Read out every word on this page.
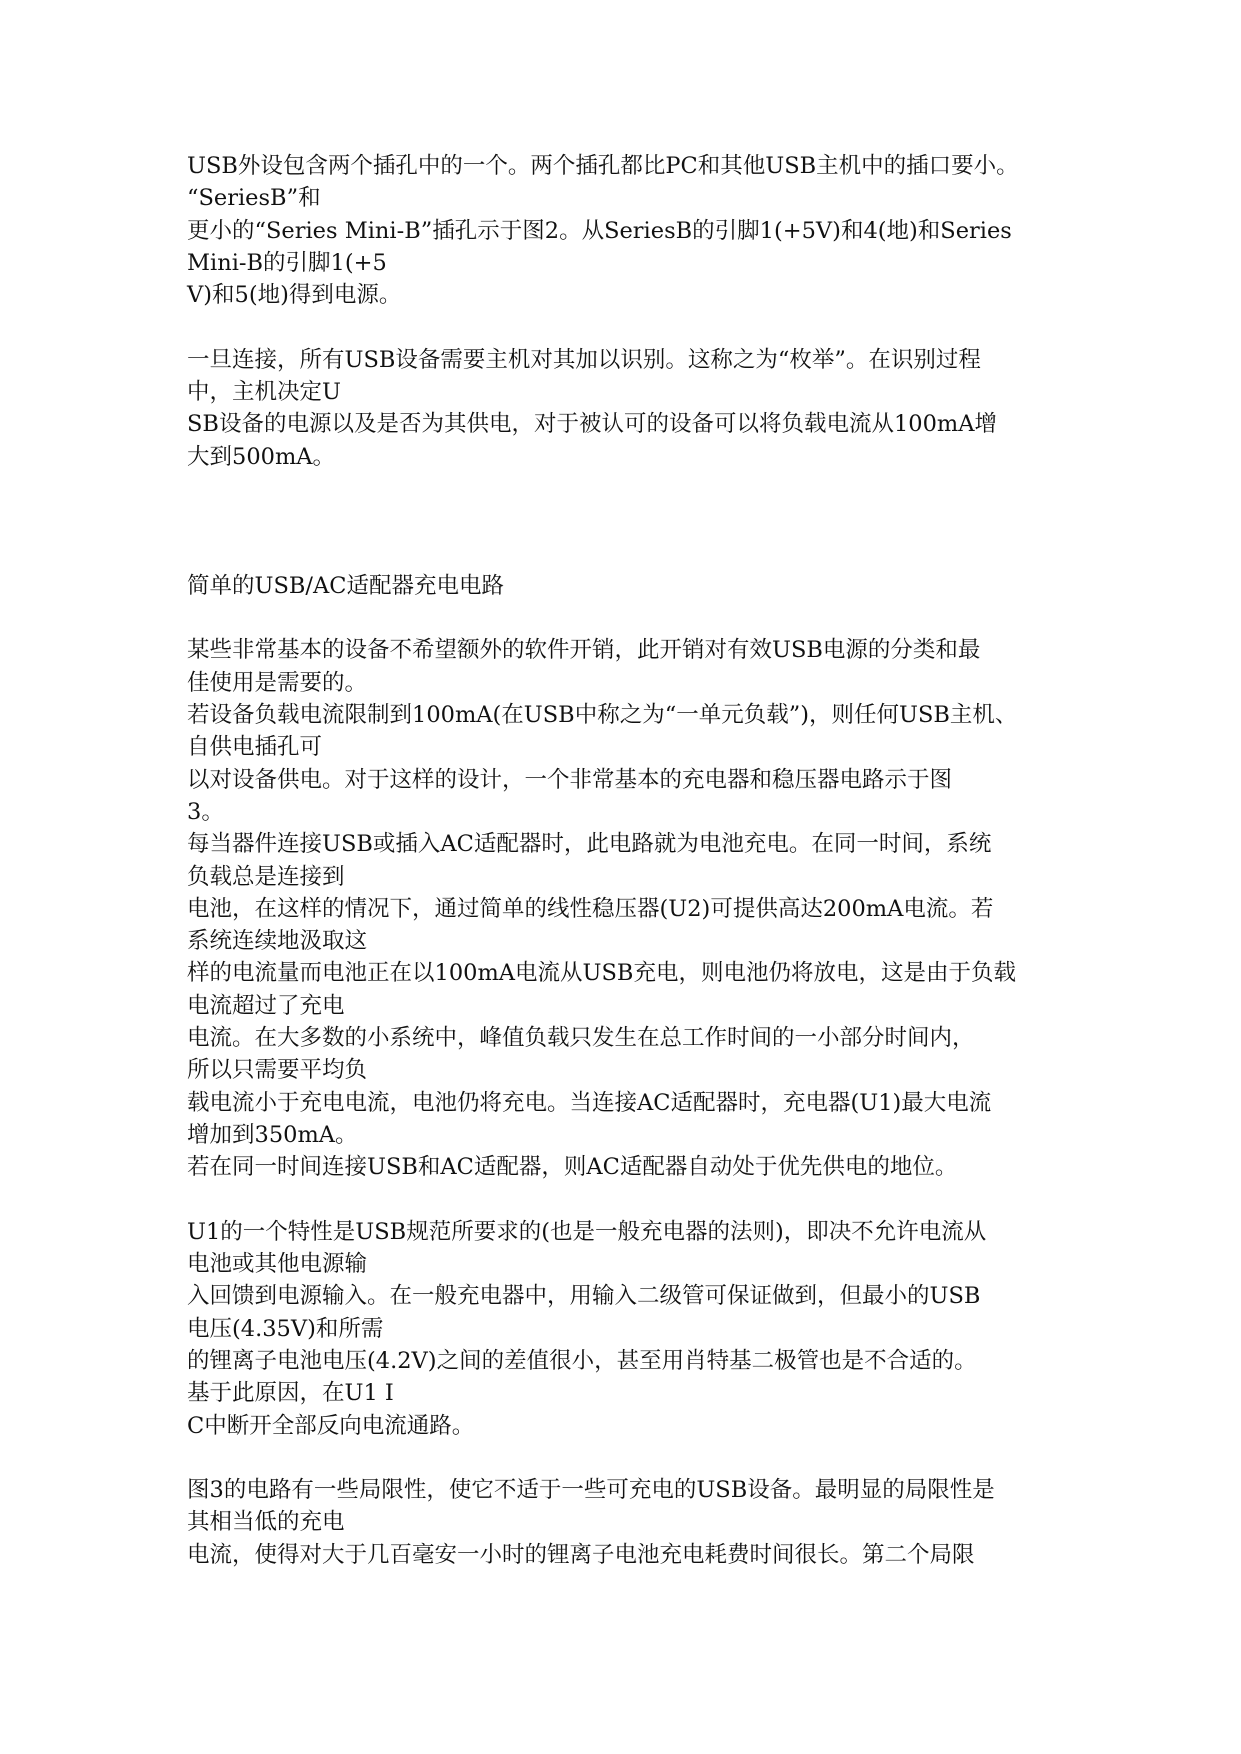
USB外设包含两个插孔中的一个。两个插孔都比PC和其他USB主机中的插口要小。
“SeriesB”和
更小的“Series Mini-B”插孔示于图2。从SeriesB的引脚1(+5V)和4(地)和Series
Mini-B的引脚1(+5
V)和5(地)得到电源。
一旦连接，所有USB设备需要主机对其加以识别。这称之为“枚举”。在识别过程
中，主机决定U
SB设备的电源以及是否为其供电，对于被认可的设备可以将负载电流从100mA增
大到500mA。
简单的USB/AC适配器充电电路
某些非常基本的设备不希望额外的软件开销，此开销对有效USB电源的分类和最
佳使用是需要的。
若设备负载电流限制到100mA(在USB中称之为“一单元负载”)，则任何USB主机、
自供电插孔可
以对设备供电。对于这样的设计，一个非常基本的充电器和稳压器电路示于图
3。
每当器件连接USB或插入AC适配器时，此电路就为电池充电。在同一时间，系统
负载总是连接到
电池，在这样的情况下，通过简单的线性稳压器(U2)可提供高达200mA电流。若
系统连续地汲取这
样的电流量而电池正在以100mA电流从USB充电，则电池仍将放电，这是由于负载
电流超过了充电
电流。在大多数的小系统中，峰值负载只发生在总工作时间的一小部分时间内，
所以只需要平均负
载电流小于充电电流，电池仍将充电。当连接AC适配器时，充电器(U1)最大电流
增加到350mA。
若在同一时间连接USB和AC适配器，则AC适配器自动处于优先供电的地位。
U1的一个特性是USB规范所要求的(也是一般充电器的法则)，即决不允许电流从
电池或其他电源输
入回馈到电源输入。在一般充电器中，用输入二级管可保证做到，但最小的USB
电压(4.35V)和所需
的锂离子电池电压(4.2V)之间的差值很小，甚至用肖特基二极管也是不合适的。
基于此原因，在U1 I
C中断开全部反向电流通路。
图3的电路有一些局限性，使它不适于一些可充电的USB设备。最明显的局限性是
其相当低的充电
电流，使得对大于几百毫安一小时的锂离子电池充电耗费时间很长。第二个局限
